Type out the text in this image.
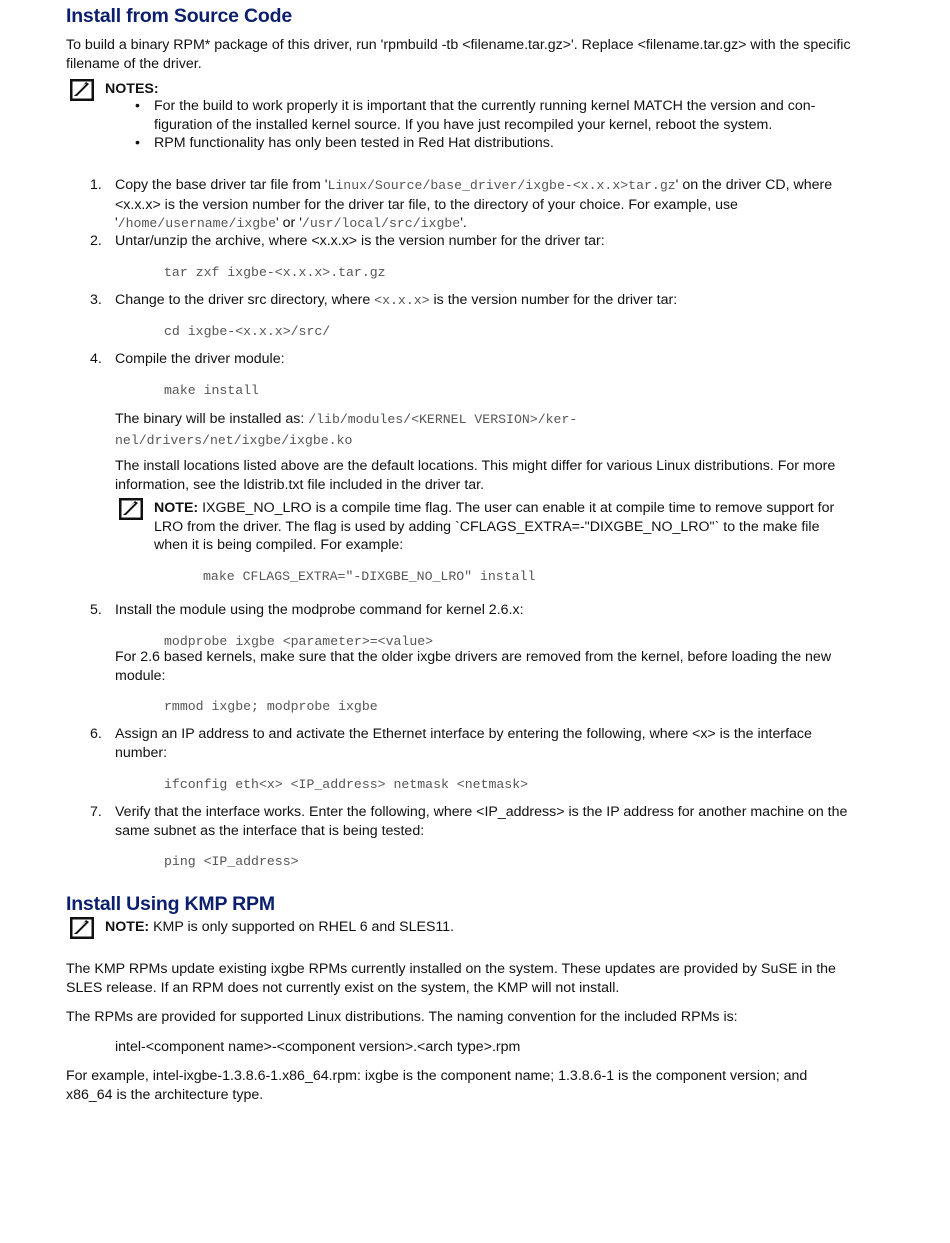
Install from Source Code

To build a binary RPM* package of this driver, run 'rpmbuild -tb <filename.tar.gz>'. Replace <filename.tar.gz> with the specific filename of the driver.

NOTES:
• For the build to work properly it is important that the currently running kernel MATCH the version and con-figuration of the installed kernel source. If you have just recompiled your kernel, reboot the system.
• RPM functionality has only been tested in Red Hat distributions.
1. Copy the base driver tar file from 'Linux/Source/base_driver/ixgbe-<x.x.x>tar.gz' on the driver CD, where <x.x.x> is the version number for the driver tar file, to the directory of your choice. For example, use '/home/username/ixgbe' or '/usr/local/src/ixgbe'.
2. Untar/unzip the archive, where <x.x.x> is the version number for the driver tar:
tar zxf ixgbe-<x.x.x>.tar.gz
3. Change to the driver src directory, where <x.x.x> is the version number for the driver tar:
cd ixgbe-<x.x.x>/src/
4. Compile the driver module:
make install
The binary will be installed as: /lib/modules/<KERNEL VERSION>/ker-
nel/drivers/net/ixgbe/ixgbe.ko

The install locations listed above are the default locations. This might differ for various Linux distributions. For more information, see the ldistrib.txt file included in the driver tar.

NOTE: IXGBE_NO_LRO is a compile time flag. The user can enable it at compile time to remove support for LRO from the driver. The flag is used by adding `CFLAGS_EXTRA=-"DIXGBE_NO_LRO"` to the make file when it is being compiled. For example:
make CFLAGS_EXTRA="-DIXGBE_NO_LRO" install
5. Install the module using the modprobe command for kernel 2.6.x:
modprobe ixgbe <parameter>=<value>

For 2.6 based kernels, make sure that the older ixgbe drivers are removed from the kernel, before loading the new module:

rmmod ixgbe; modprobe ixgbe
6. Assign an IP address to and activate the Ethernet interface by entering the following, where <x> is the interface number:
ifconfig eth<x> <IP_address> netmask <netmask>
7. Verify that the interface works. Enter the following, where <IP_address> is the IP address for another machine on the same subnet as the interface that is being tested:
ping <IP_address>
Install Using KMP RPM
NOTE: KMP is only supported on RHEL 6 and SLES11.

The KMP RPMs update existing ixgbe RPMs currently installed on the system. These updates are provided by SuSE in the SLES release. If an RPM does not currently exist on the system, the KMP will not install.

The RPMs are provided for supported Linux distributions. The naming convention for the included RPMs is:

intel-<component name>-<component version>.<arch type>.rpm

For example, intel-ixgbe-1.3.8.6-1.x86_64.rpm: ixgbe is the component name; 1.3.8.6-1 is the component version; and x86_64 is the architecture type.
